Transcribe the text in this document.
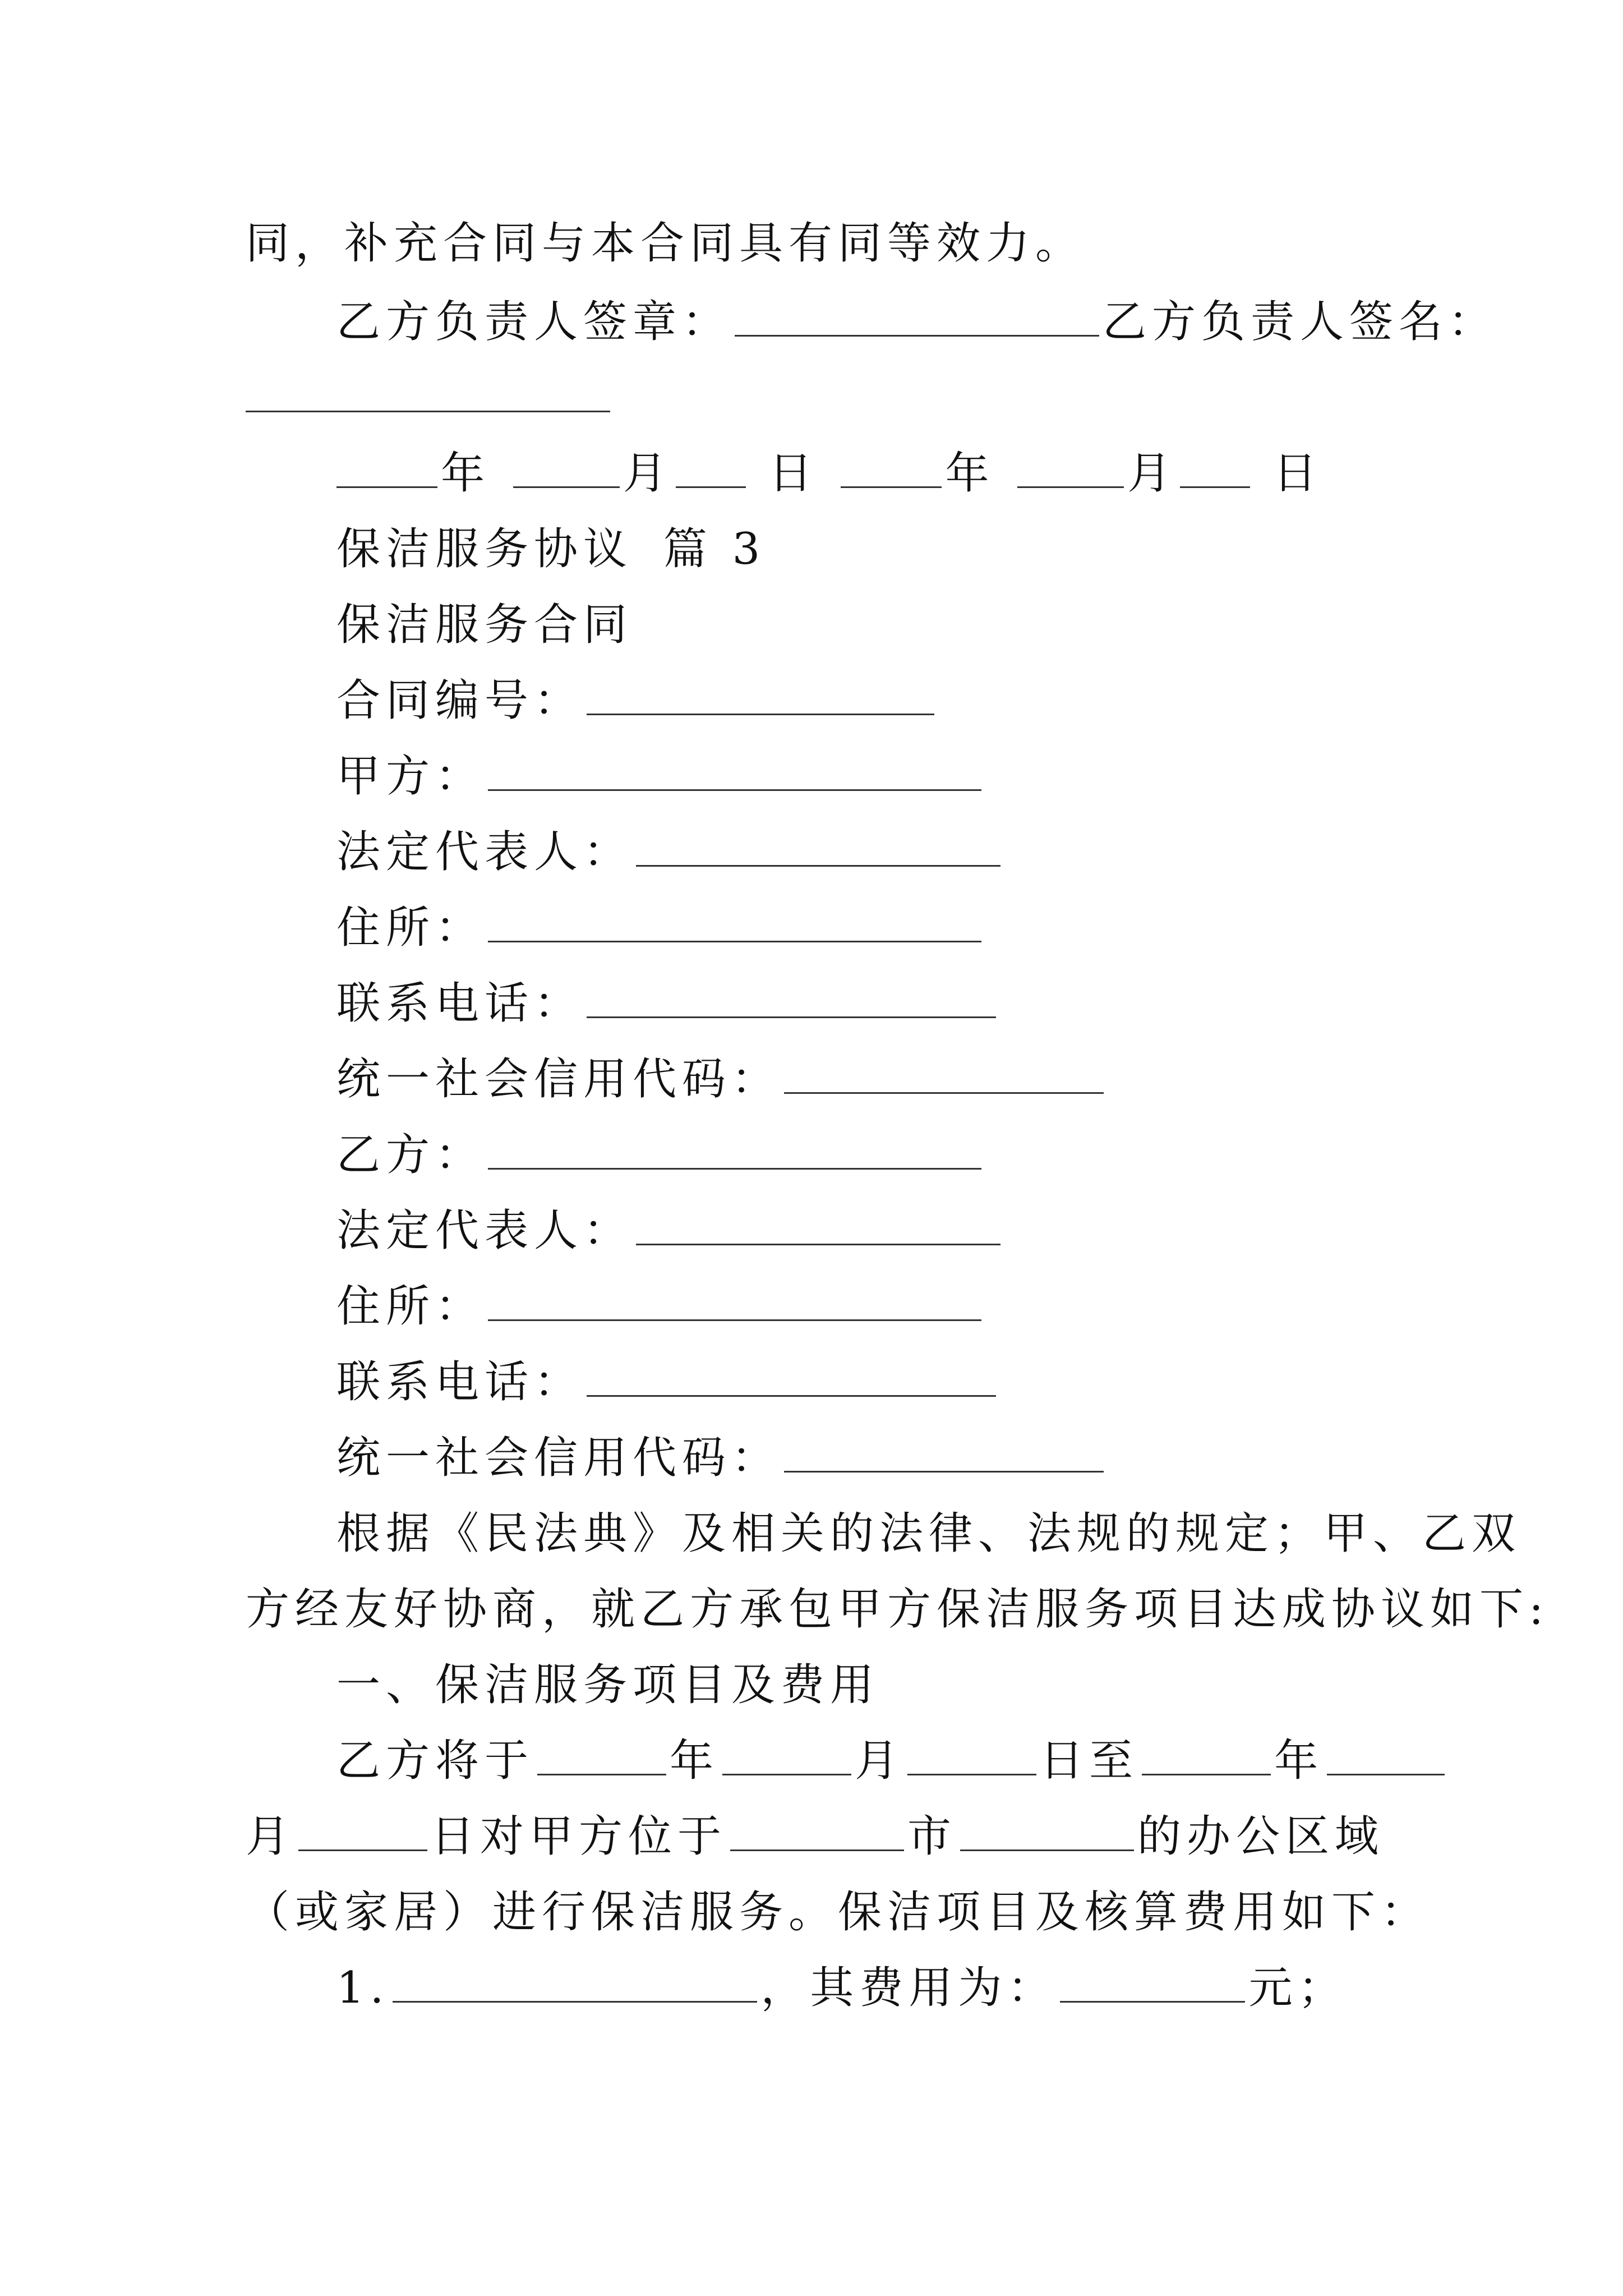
同，补充合同与本合同具有同等效力。
乙方负责人签章：	乙方负责人签名：
年	月 日	年	月 日
保洁服务协议 篇 3
保洁服务合同
合同编号：
甲方：
法定代表人：
住所：
联系电话：
统一社会信用代码：
乙方：
法定代表人：
住所：
联系电话：
统一社会信用代码：
根据《民法典》及相关的法律、法规的规定；甲、乙双
方经友好协商，就乙方承包甲方保洁服务项目达成协议如下:
一、保洁服务项目及费用
乙方将于	年	月	日至	年
月	日对甲方位于	市	的办公区域
（或家居）进行保洁服务。保洁项目及核算费用如下：
1.	，其费用为：	元；
